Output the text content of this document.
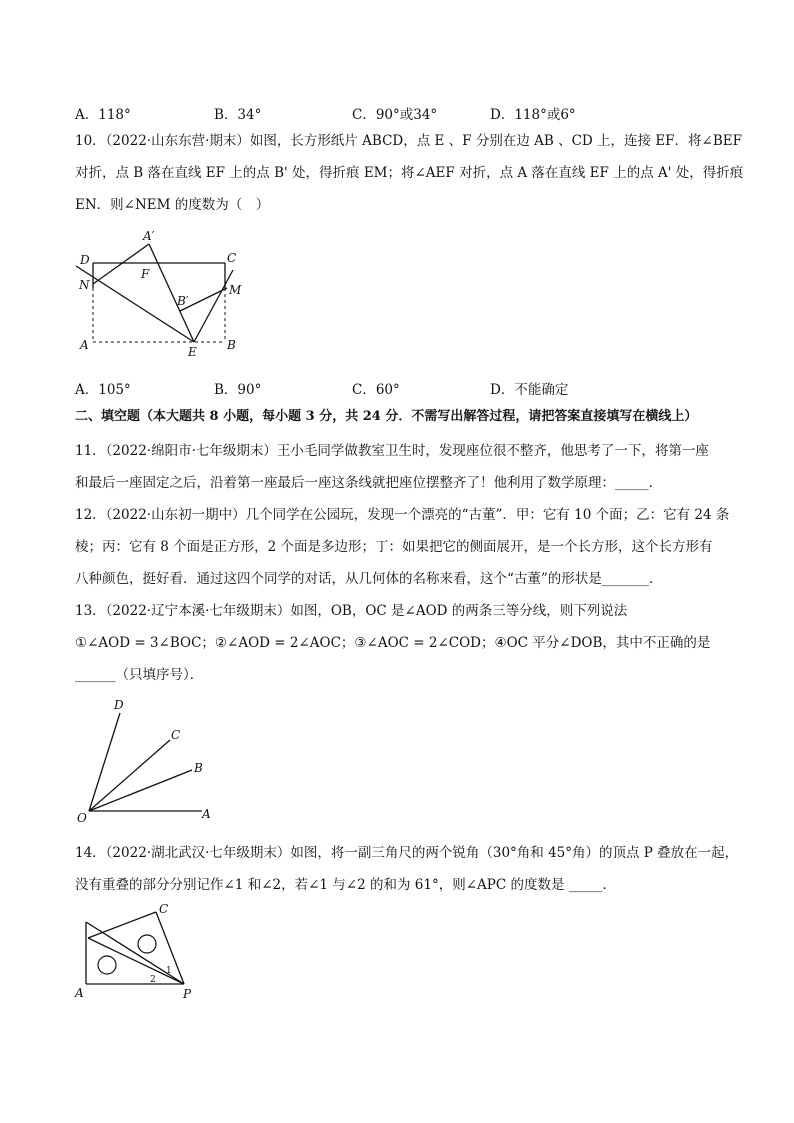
A．118°	B．34°	C．90°或34°	D．118°或6°
10．（2022·山东东营·期末）如图，长方形纸片 ABCD，点 E 、F 分别在边 AB 、CD 上，连接 EF．将∠BEF
对折，点 B 落在直线 EF 上的点 B' 处，得折痕 EM；将∠AEF 对折，点 A 落在直线 EF 上的点 A' 处，得折痕
EN．则∠NEM 的度数为（　）
A′
D	C
F
N	M
B′
A	E	B
A．105°	B．90°	C．60°	D．不能确定
二、填空题（本大题共 8 小题，每小题 3 分，共 24 分．不需写出解答过程，请把答案直接填写在横线上）
11．（2022·绵阳市·七年级期末）王小毛同学做教室卫生时，发现座位很不整齐，他思考了一下，将第一座
和最后一座固定之后，沿着第一座最后一座这条线就把座位摆整齐了！他利用了数学原理：_____．
12．（2022·山东初一期中）几个同学在公园玩，发现一个漂亮的“古董”．甲：它有 10 个面；乙：它有 24 条
棱；丙：它有 8 个面是正方形，2 个面是多边形；丁：如果把它的侧面展开，是一个长方形，这个长方形有
八种颜色，挺好看．通过这四个同学的对话，从几何体的名称来看，这个“古董”的形状是_______．
13．（2022·辽宁本溪·七年级期末）如图，OB，OC 是∠AOD 的两条三等分线，则下列说法
①∠AOD = 3∠BOC；②∠AOD = 2∠AOC；③∠AOC = 2∠COD；④OC 平分∠DOB，其中不正确的是
______（只填序号）．
D
C
B
A
O
14．（2022·湖北武汉·七年级期末）如图，将一副三角尺的两个锐角（30°角和 45°角）的顶点 P 叠放在一起，
没有重叠的部分分别记作∠1 和∠2，若∠1 与∠2 的和为 61°，则∠APC 的度数是 _____．
C
A	P
1
2
